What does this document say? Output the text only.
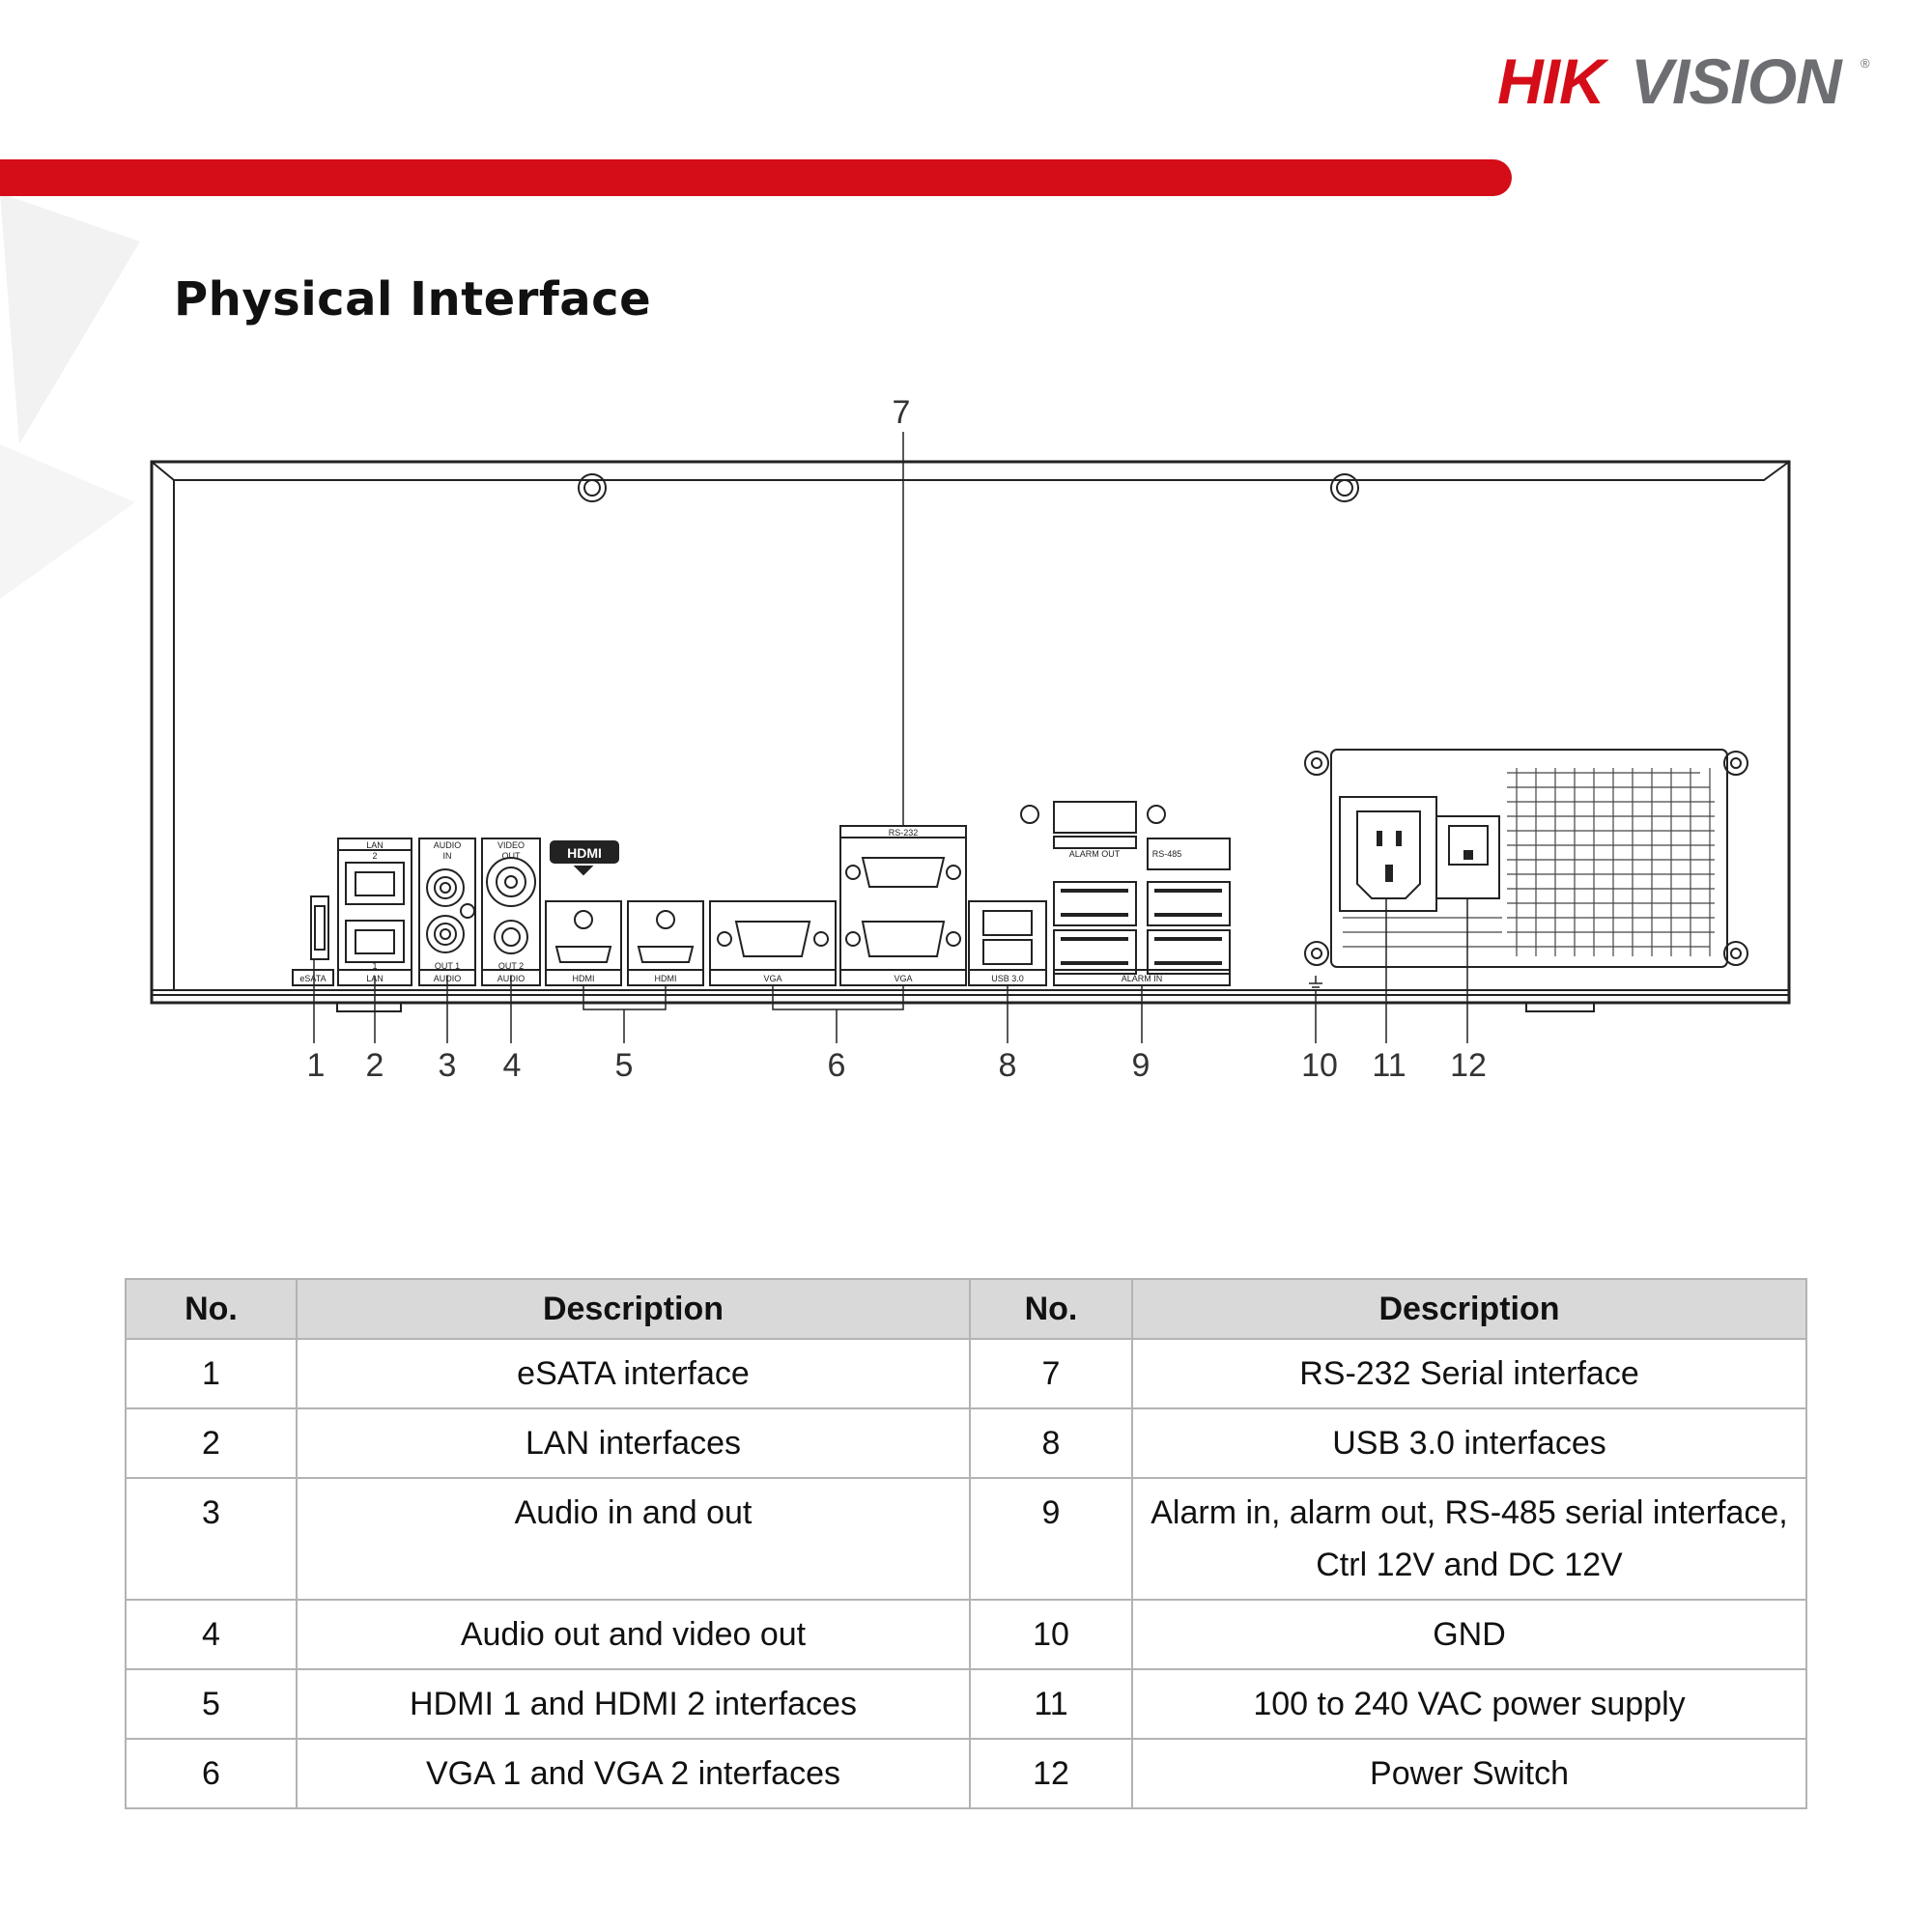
HIK VISION ®
Physical Interface
eSATA
LAN
2
1
LAN
AUDIO
IN
OUT 1
AUDIO
VIDEO
OUT
OUT 2
AUDIO	HDMI	HDMI	VGA
RS-232
VGA	USB 3.0
ALARM OUT	RS-485
ALARM IN
HDMI
1 2 3 4	5	6
7
8	9	10 11 12
No.	Description	No.	Description
1	eSATA interface	7	RS-232 Serial interface
2	LAN interfaces	8	USB 3.0 interfaces
3	Audio in and out	9	Alarm in, alarm out, RS-485 serial interface,
Ctrl 12V and DC 12V

4	Audio out and video out	10	GND
5	HDMI 1 and HDMI 2 interfaces	11	100 to 240 VAC power supply
6	VGA 1 and VGA 2 interfaces	12	Power Switch
